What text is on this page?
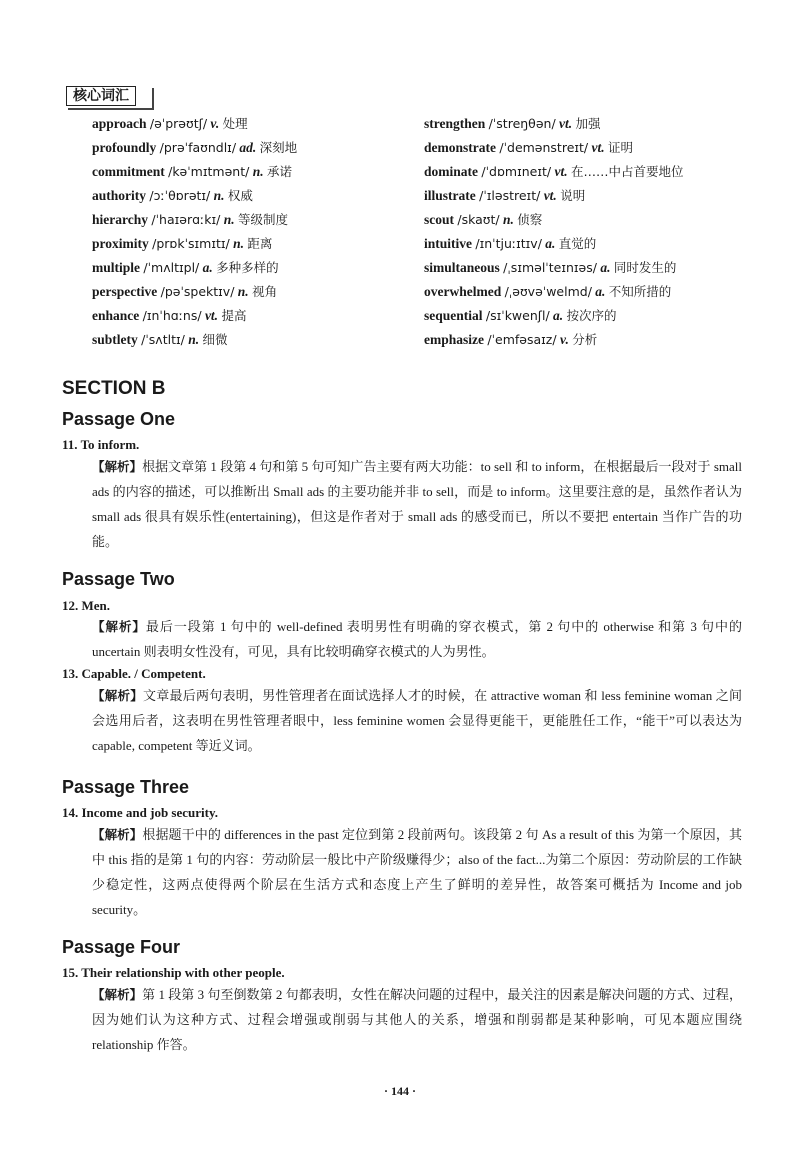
核心词汇
approach /əˈprəʊtʃ/ v. 处理
profoundly /prəˈfaʊndlɪ/ ad. 深刻地
commitment /kəˈmɪtmənt/ n. 承诺
authority /ɔːˈθɒrətɪ/ n. 权威
hierarchy /ˈhaɪərɑːkɪ/ n. 等级制度
proximity /prɒkˈsɪmɪtɪ/ n. 距离
multiple /ˈmʌltɪpl/ a. 多种多样的
perspective /pəˈspektɪv/ n. 视角
enhance /ɪnˈhɑːns/ vt. 提高
subtlety /ˈsʌtltɪ/ n. 细微
strengthen /ˈstreŋθən/ vt. 加强
demonstrate /ˈdemənstreɪt/ vt. 证明
dominate /ˈdɒmɪneɪt/ vt. 在……中占首要地位
illustrate /ˈɪləstreɪt/ vt. 说明
scout /skaʊt/ n. 侦察
intuitive /ɪnˈtjuːɪtɪv/ a. 直觉的
simultaneous /ˌsɪməlˈteɪnɪəs/ a. 同时发生的
overwhelmed /ˌəʊvəˈwelmd/ a. 不知所措的
sequential /sɪˈkwenʃl/ a. 按次序的
emphasize /ˈemfəsaɪz/ v. 分析
SECTION B
Passage One
11. To inform.
【解析】根据文章第 1 段第 4 句和第 5 句可知广告主要有两大功能：to sell 和 to inform，在根据最后一段对于 small ads 的内容的描述，可以推断出 Small ads 的主要功能并非 to sell，而是 to inform。这里要注意的是，虽然作者认为 small ads 很具有娱乐性(entertaining)，但这是作者对于 small ads 的感受而已，所以不要把 entertain 当作广告的功能。
Passage Two
12. Men.
【解析】最后一段第 1 句中的 well-defined 表明男性有明确的穿衣模式，第 2 句中的 otherwise 和第 3 句中的 uncertain 则表明女性没有，可见，具有比较明确穿衣模式的人为男性。
13. Capable. / Competent.
【解析】文章最后两句表明，男性管理者在面试选择人才的时候，在 attractive woman 和 less feminine woman 之间会选用后者，这表明在男性管理者眼中，less feminine women 会显得更能干，更能胜任工作，“能干”可以表达为 capable, competent 等近义词。
Passage Three
14. Income and job security.
【解析】根据题干中的 differences in the past 定位到第 2 段前两句。该段第 2 句 As a result of this 为第一个原因，其中 this 指的是第 1 句的内容：劳动阶层一般比中产阶级赚得少；also of the fact...为第二个原因：劳动阶层的工作缺少稳定性，这两点使得两个阶层在生活方式和态度上产生了鲜明的差异性，故答案可概括为 Income and job security。
Passage Four
15. Their relationship with other people.
【解析】第 1 段第 3 句至倒数第 2 句都表明，女性在解决问题的过程中，最关注的因素是解决问题的方式、过程，因为她们认为这种方式、过程会增强或削弱与其他人的关系，增强和削弱都是某种影响，可见本题应围绕 relationship 作答。
· 144 ·
